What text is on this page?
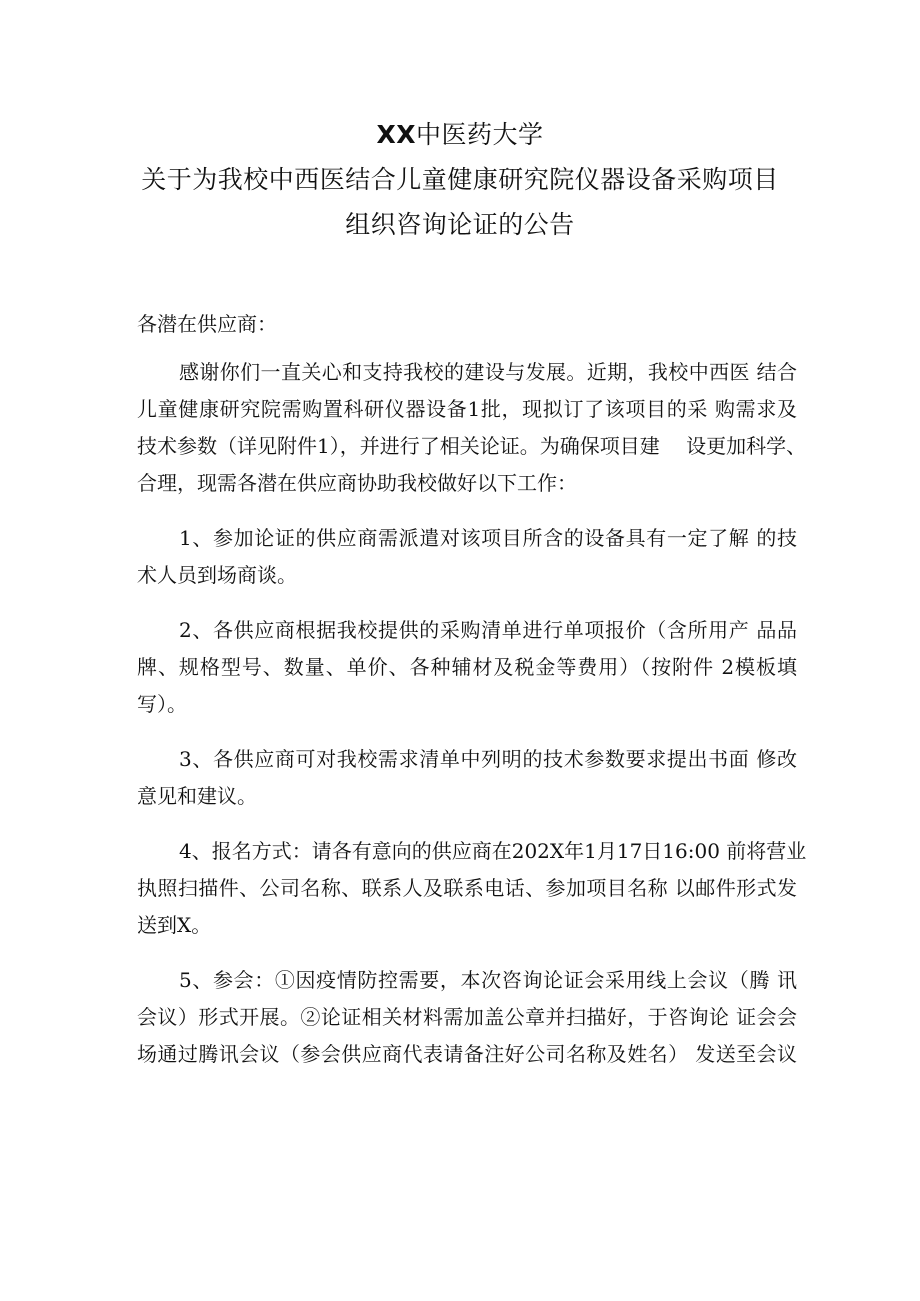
XX中医药大学
关于为我校中西医结合儿童健康研究院仪器设备采购项目
组织咨询论证的公告
各潜在供应商：
感谢你们一直关心和支持我校的建设与发展。近期，我校中西医 结合
儿童健康研究院需购置科研仪器设备1批，现拟订了该项目的采 购需求及
技术参数（详见附件1），并进行了相关论证。为确保项目建　 设更加科学、
合理，现需各潜在供应商协助我校做好以下工作：
1、参加论证的供应商需派遣对该项目所含的设备具有一定了解 的技
术人员到场商谈。
2、各供应商根据我校提供的采购清单进行单项报价（含所用产 品品
牌、规格型号、数量、单价、各种辅材及税金等费用）（按附件 2模板填
写）。
3、各供应商可对我校需求清单中列明的技术参数要求提出书面 修改
意见和建议。
4、报名方式：请各有意向的供应商在202X年1月17日16:00 前将营业
执照扫描件、公司名称、联系人及联系电话、参加项目名称 以邮件形式发
送到X。
5、参会：①因疫情防控需要，本次咨询论证会采用线上会议（腾 讯
会议）形式开展。②论证相关材料需加盖公章并扫描好，于咨询论 证会会
场通过腾讯会议（参会供应商代表请备注好公司名称及姓名） 发送至会议
